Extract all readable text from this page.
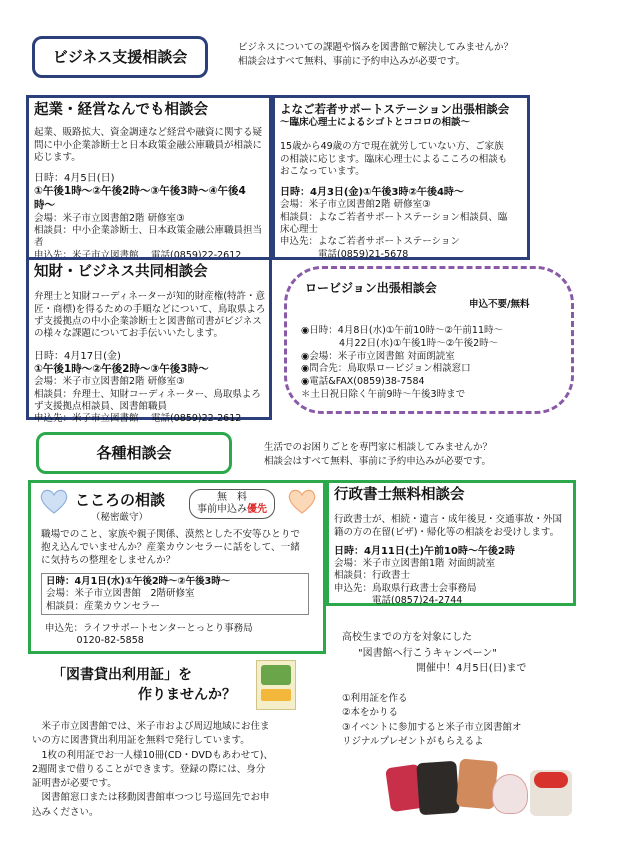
ビジネス支援相談会
ビジネスについての課題や悩みを図書館で解決してみませんか？
相談会はすべて無料、事前に予約申込みが必要です。
起業・経営なんでも相談会
起業、販路拡大、資金調達など経営や融資に関する疑
問に中小企業診断士と日本政策金融公庫職員が相談に
応じます。
日時：4月5日(日)
①午後1時～②午後2時～③午後3時～④午後4
時～
会場：米子市立図書館2階 研修室③
相談員：中小企業診断士、日本政策金融公庫職員担当
者
申込先：米子市立図書館　 電話(0859)22-2612
よなご若者サポートステーション出張相談会
～臨床心理士によるシゴトとココロの相談～
15歳から49歳の方で現在就労していない方、ご家族
の相談に応じます。臨床心理士によるこころの相談も
おこなっています。
日時：4月3日(金)①午後3時②午後4時～
会場：米子市立図書館2階 研修室③
相談員：よなご若者サポートステーション相談員、臨
床心理士
申込先：よなご若者サポートステーション
　　　　電話(0859)21-5678
知財・ビジネス共同相談会
弁理士と知財コーディネーターが知的財産権(特許・意
匠・商標)を得るための手順などについて、鳥取県よろ
ず支援拠点の中小企業診断士と図書館司書がビジネス
の様々な課題についてお手伝いいたします。
日時：4月17日(金)
①午後1時～②午後2時～③午後3時～
会場：米子市立図書館2階 研修室③
相談員：弁理士、知財コーディネーター、鳥取県よろ
ず支援拠点相談員、図書館職員
申込先：米子市立図書館　 電話(0859)22-2612
ロービジョン出張相談会
申込不要/無料
◉日時：4月8日(水)①午前10時～②午前11時～
　　　　4月22日(水)①午後1時～②午後2時～
◉会場：米子市立図書館 対面朗読室
◉問合先：鳥取県ロービジョン相談窓口
◉電話&FAX(0859)38-7584
＊土日祝日除く午前9時～午後3時まで
各種相談会	生活でのお困りごとを専門家に相談してみませんか？
相談会はすべて無料、事前に予約申込みが必要です。
こころの相談
（秘密厳守）
無　料
事前申込み優先
職場でのこと、家族や親子関係、漠然とした不安等ひとりで
抱え込んでいませんか？産業カウンセラーに話をして、一緒
に気持ちの整理をしませんか？
日時：4月1日(水)①午後2時～②午後3時～
会場：米子市立図書館　2階研修室
相談員：産業カウンセラー
申込先：ライフサポートセンターとっとり事務局
　　　 0120-82-5858
行政書士無料相談会
行政書士が、相続・遺言・成年後見・交通事故・外国
籍の方の在留(ビザ)・帰化等の相談をお受けします。
日時：4月11日(土)午前10時～午後2時
会場：米子市立図書館1階 対面朗読室
相談員：行政書士
申込先：鳥取県行政書士会事務局
　　　　電話(0857)24-2744
「図書貸出利用証」を
作りませんか？
　米子市立図書館では、米子市および周辺地域にお住ま
いの方に図書貸出利用証を無料で発行しています。
　1枚の利用証でお一人様10冊(CD・DVDもあわせて)、
2週間まで借りることができます。登録の際には、身分
証明書が必要です。
　図書館窓口または移動図書館車つつじ号巡回先でお申
込みください。
高校生までの方を対象にした
"図書館へ行こうキャンペーン"
開催中！4月5日(日)まで
①利用証を作る
②本をかりる
③イベントに参加すると米子市立図書館オ
リジナルプレゼントがもらえるよ
